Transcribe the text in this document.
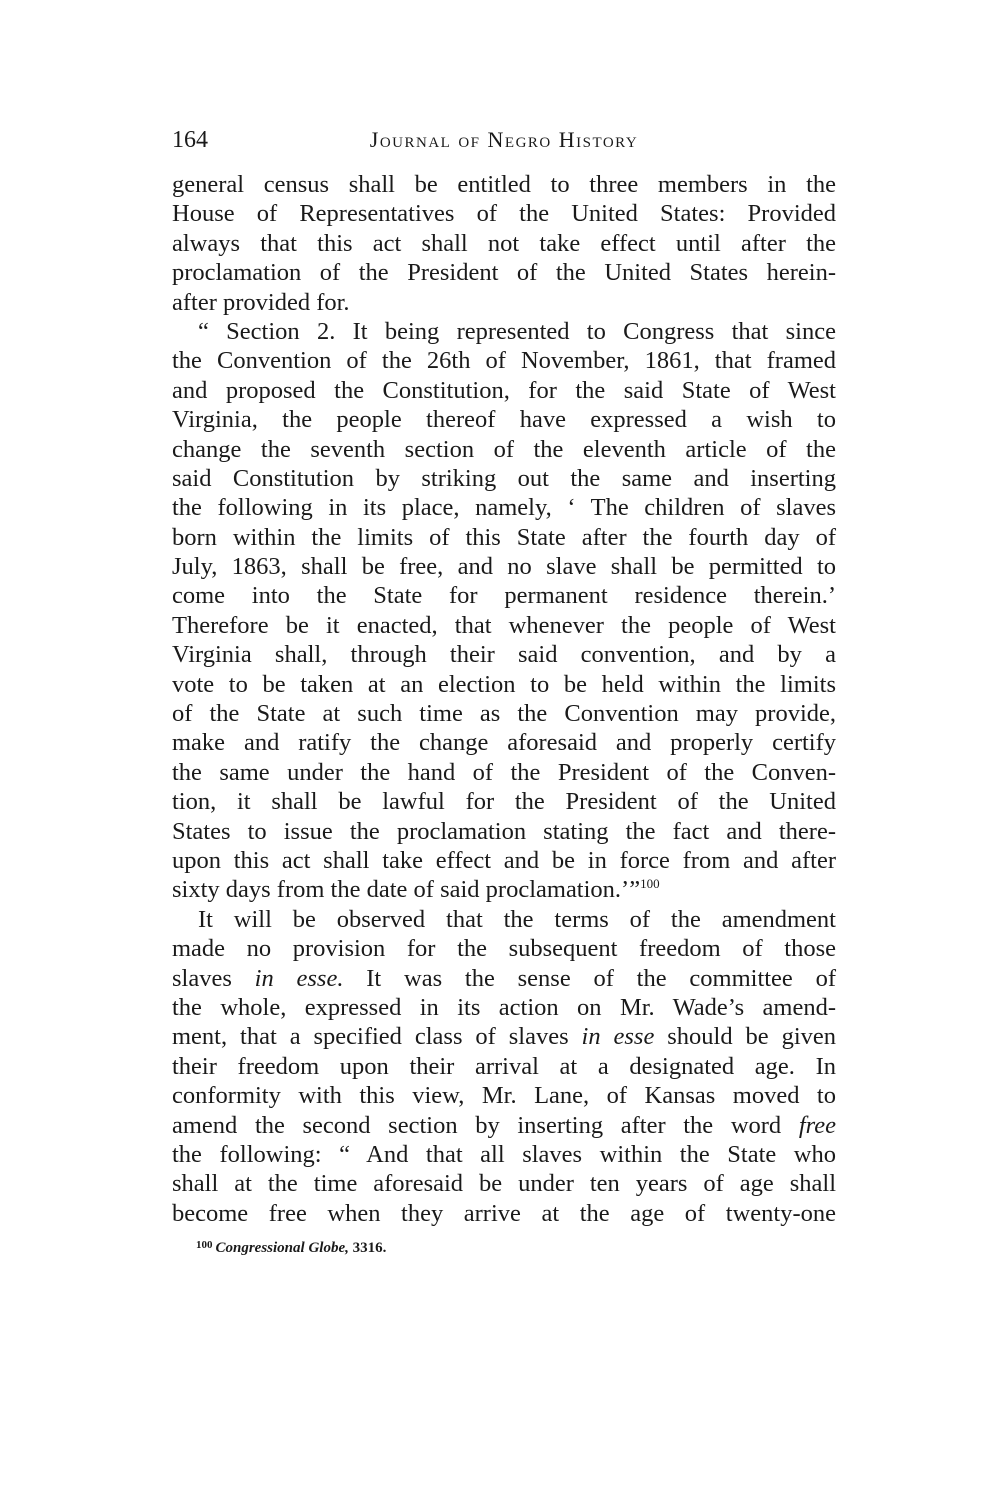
164	Journal of Negro History
general census shall be entitled to three members in the
House of Representatives of the United States: Provided
always that this act shall not take effect until after the
proclamation of the President of the United States herein-
after provided for.
“ Section 2. It being represented to Congress that since
the Convention of the 26th of November, 1861, that framed
and proposed the Constitution, for the said State of West
Virginia, the people thereof have expressed a wish to
change the seventh section of the eleventh article of the
said Constitution by striking out the same and inserting
the following in its place, namely, ‘ The children of slaves
born within the limits of this State after the fourth day of
July, 1863, shall be free, and no slave shall be permitted to
come into the State for permanent residence therein.’
Therefore be it enacted, that whenever the people of West
Virginia shall, through their said convention, and by a
vote to be taken at an election to be held within the limits
of the State at such time as the Convention may provide,
make and ratify the change aforesaid and properly certify
the same under the hand of the President of the Conven-
tion, it shall be lawful for the President of the United
States to issue the proclamation stating the fact and there-
upon this act shall take effect and be in force from and after
sixty days from the date of said proclamation.’”$^{100}$
It will be observed that the terms of the amendment
made no provision for the subsequent freedom of those
slaves in esse. It was the sense of the committee of
the whole, expressed in its action on Mr. Wade’s amend-
ment, that a specified class of slaves in esse should be given
their freedom upon their arrival at a designated age. In
conformity with this view, Mr. Lane, of Kansas moved to
amend the second section by inserting after the word free
the following: “ And that all slaves within the State who
shall at the time aforesaid be under ten years of age shall
become free when they arrive at the age of twenty-one
$^{100}$ Congressional Globe, 3316.
